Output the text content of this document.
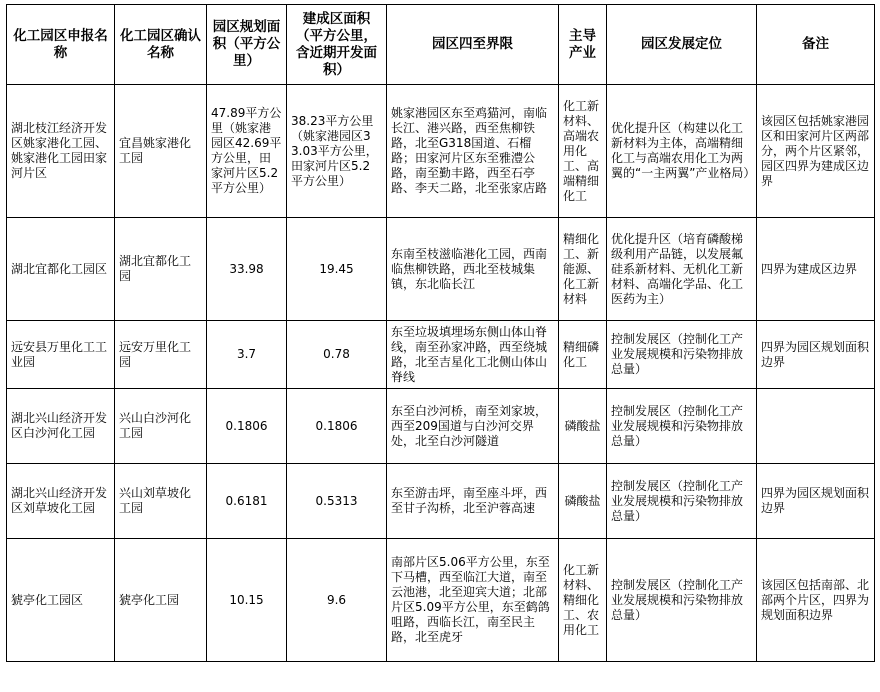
化工园区申报名称	化工园区确认名称	园区规划面积（平方公里）	建成区面积（平方公里，含近期开发面积）	园区四至界限	主导产业	园区发展定位	备注
湖北枝江经济开发区姚家港化工园、姚家港化工园田家河片区	宜昌姚家港化工园	47.89平方公里（姚家港园区42.69平方公里，田家河片区5.2平方公里）	38.23平方公里（姚家港园区33.03平方公里，田家河片区5.2平方公里）	姚家港园区东至鸡猫河，南临长江、港兴路，西至焦柳铁路，北至G318国道、石榴路；田家河片区东至雅澧公路，南至勤丰路，西至石亭路、李天二路，北至张家店路	化工新材料、高端农用化工、高端精细化工	优化提升区（构建以化工新材料为主体，高端精细化工与高端农用化工为两翼的“一主两翼”产业格局）	该园区包括姚家港园区和田家河片区两部分，两个片区紧邻，园区四界为建成区边界
湖北宜都化工园区	湖北宜都化工园	33.98	19.45	东南至枝滋临港化工园，西南临焦柳铁路，西北至枝城集镇，东北临长江	精细化工、新能源、化工新材料	优化提升区（培育磷酸梯级利用产品链，以发展氟硅系新材料、无机化工新材料、高端化学品、化工医药为主）	四界为建成区边界
远安县万里化工工业园	远安万里化工园	3.7	0.78	东至垃圾填埋场东侧山体山脊线，南至孙家冲路，西至绕城路，北至吉星化工北侧山体山脊线	精细磷化工	控制发展区（控制化工产业发展规模和污染物排放总量）	四界为园区规划面积边界
湖北兴山经济开发区白沙河化工园	兴山白沙河化工园	0.1806	0.1806	东至白沙河桥，南至刘家坡，西至209国道与白沙河交界处，北至白沙河隧道	磷酸盐	控制发展区（控制化工产业发展规模和污染物排放总量）	
湖北兴山经济开发区刘草坡化工园	兴山刘草坡化工园	0.6181	0.5313	东至游击坪，南至座斗坪，西至甘子沟桥，北至沪蓉高速	磷酸盐	控制发展区（控制化工产业发展规模和污染物排放总量）	四界为园区规划面积边界
猇亭化工园区	猇亭化工园	10.15	9.6	南部片区5.06平方公里，东至下马槽，西至临江大道，南至云池港，北至迎宾大道；北部片区5.09平方公里，东至鹤鸽咀路，西临长江，南至民主路，北至虎牙	化工新材料、精细化工、农用化工	控制发展区（控制化工产业发展规模和污染物排放总量）	该园区包括南部、北部两个片区，四界为规划面积边界
